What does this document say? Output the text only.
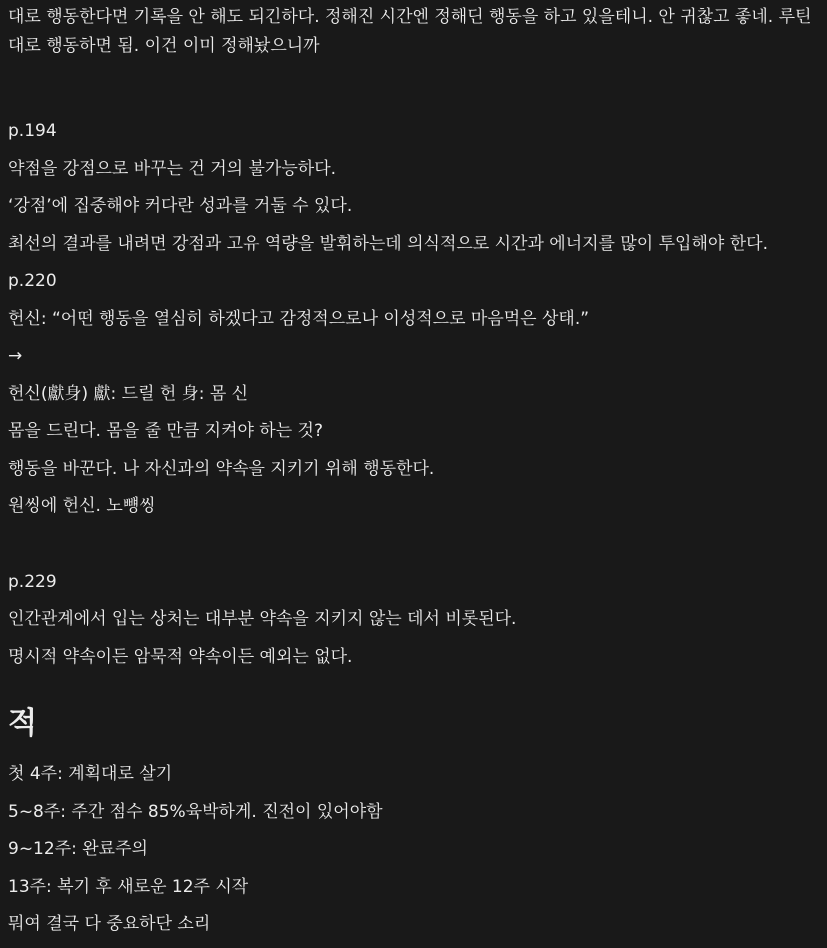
대로 행동한다면 기록을 안 해도 되긴하다. 정해진 시간엔 정해딘 행동을 하고 있을테니. 안 귀찮고 좋네. 루틴대로 행동하면 됨. 이건 이미 정해놨으니까

p.194

약점을 강점으로 바꾸는 건 거의 불가능하다.

‘강점’에 집중해야 커다란 성과를 거둘 수 있다.

최선의 결과를 내려면 강점과 고유 역량을 발휘하는데 의식적으로 시간과 에너지를 많이 투입해야 한다.

p.220

헌신: “어떤 행동을 열심히 하겠다고 감정적으로나 이성적으로 마음먹은 상태.”

→

헌신(獻身) 獻: 드릴 헌 身: 몸 신

몸을 드린다. 몸을 줄 만큼 지켜야 하는 것?

행동을 바꾼다. 나 자신과의 약속을 지키기 위해 행동한다.

원씽에 헌신. 노뻉씽

p.229

인간관계에서 입는 상처는 대부분 약속을 지키지 않는 데서 비롯된다.

명시적 약속이든 암묵적 약속이든 예외는 없다.

적

첫 4주: 계획대로 살기

5~8주: 주간 점수 85%육박하게. 진전이 있어야함

9~12주: 완료주의

13주: 복기 후 새로운 12주 시작

뭐여 결국 다 중요하단 소리
